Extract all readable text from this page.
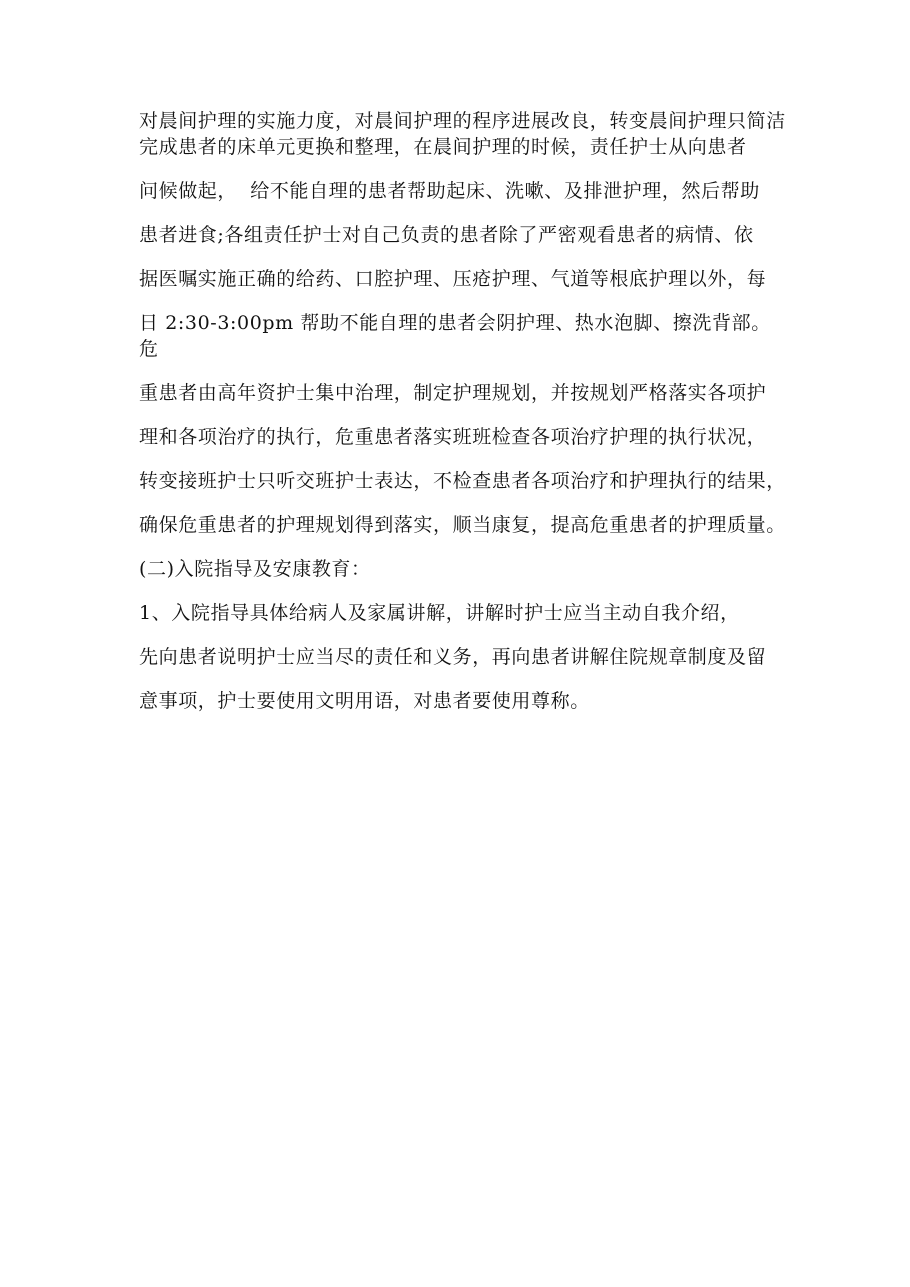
对晨间护理的实施力度，对晨间护理的程序进展改良，转变晨间护理只简洁完成患者的床单元更换和整理，在晨间护理的时候，责任护士从向患者

问候做起，  给不能自理的患者帮助起床、洗嗽、及排泄护理，然后帮助

患者进食;各组责任护士对自己负责的患者除了严密观看患者的病情、依

据医嘱实施正确的给药、口腔护理、压疮护理、气道等根底护理以外，每

日 2:30-3:00pm 帮助不能自理的患者会阴护理、热水泡脚、擦洗背部。危

重患者由高年资护士集中治理，制定护理规划，并按规划严格落实各项护

理和各项治疗的执行，危重患者落实班班检查各项治疗护理的执行状况，

转变接班护士只听交班护士表达，不检查患者各项治疗和护理执行的结果，

确保危重患者的护理规划得到落实，顺当康复，提高危重患者的护理质量。

(二)入院指导及安康教育：

1、入院指导具体给病人及家属讲解，讲解时护士应当主动自我介绍，

先向患者说明护士应当尽的责任和义务，再向患者讲解住院规章制度及留

意事项，护士要使用文明用语，对患者要使用尊称。
